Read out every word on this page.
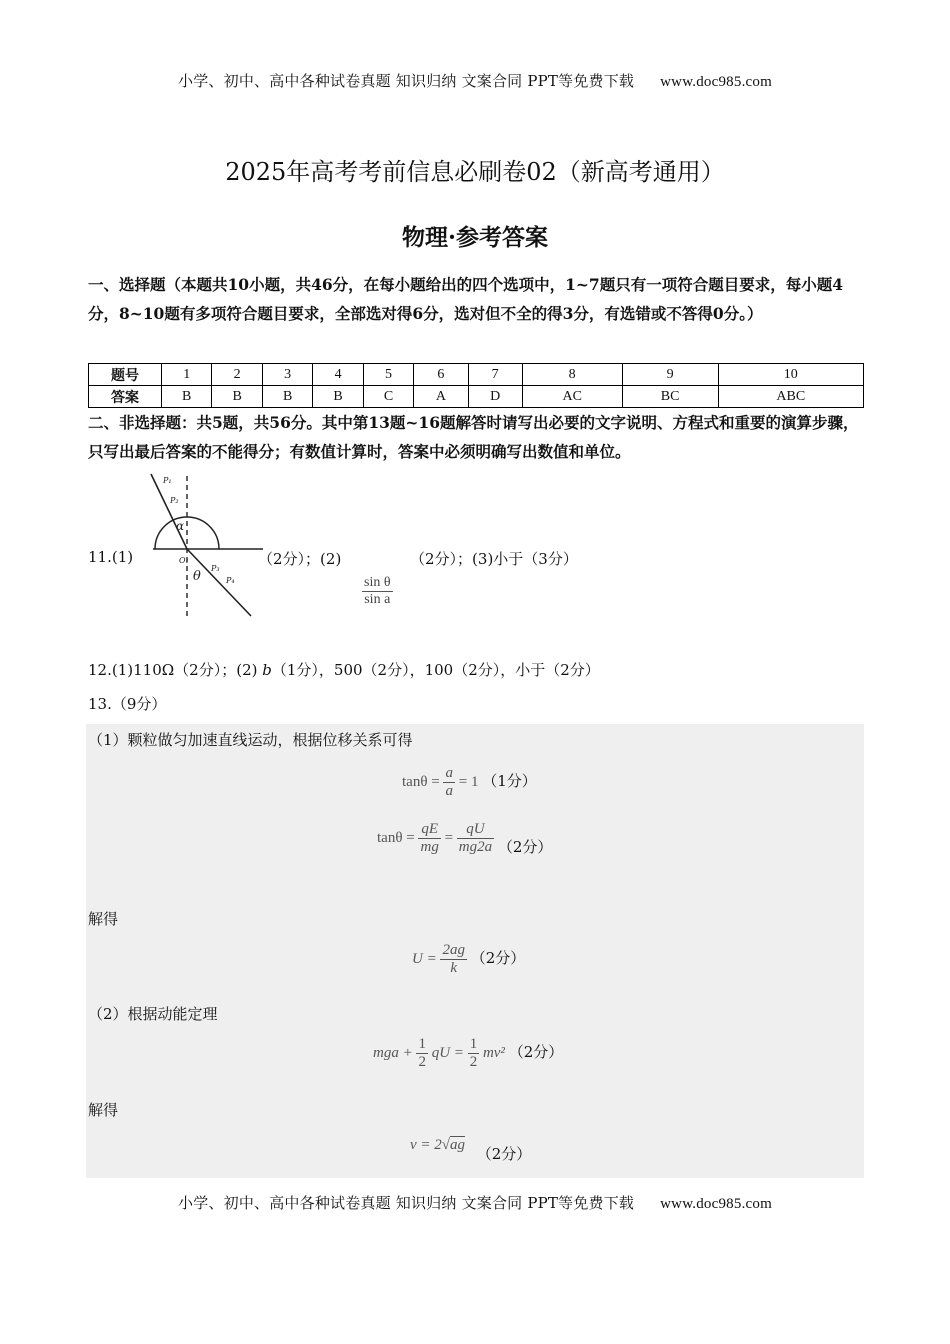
小学、初中、高中各种试卷真题 知识归纳 文案合同 PPT等免费下载 www.doc985.com
2025年高考考前信息必刷卷02（新高考通用）
物理·参考答案
一、选择题（本题共10小题，共46分，在每小题给出的四个选项中，1~7题只有一项符合题目要求，每小题4分，8~10题有多项符合题目要求，全部选对得6分，选对但不全的得3分，有选错或不答得0分。）
题号	1	2	3	4	5	6	7	8	9	10
答案	B	B	B	B	C	A	D	AC	BC	ABC
二、非选择题：共5题，共56分。其中第13题~16题解答时请写出必要的文字说明、方程式和重要的演算步骤，只写出最后答案的不能得分；有数值计算时，答案中必须明确写出数值和单位。
P₁
P₂
α
O₁
P₃
P₄
θ
11.(1)	（2分）；(2)	（2分）；(3)小于（3分）
$\frac{\text{sin θ}}{\text{sin a}}$
12.(1)110Ω（2分）；(2) b（1分），500（2分），100（2分），小于（2分）
13.（9分）
（1）颗粒做匀加速直线运动，根据位移关系可得
$\tan\theta = \frac{a}{a} = 1$ （1分）
$\tan\theta = \frac{qE}{mg} = \frac{qU}{mg2a} (2$分）
解得
$U = \frac{2ag}{k} (2$分）
（2）根据动能定理
mga + $\frac{1}{2}$ qU = $\frac{1}{2} mv^2$ （2分）
解得
v = 2√ag （2分）
小学、初中、高中各种试卷真题 知识归纳 文案合同 PPT等免费下载 www.doc985.com
